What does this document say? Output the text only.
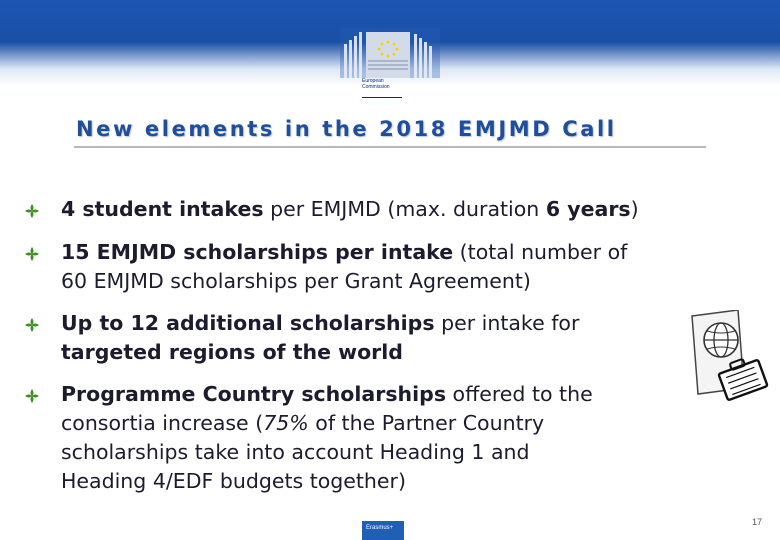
European
Commission
New elements in the 2018 EMJMD Call
4 student intakes per EMJMD (max. duration 6 years)
15 EMJMD scholarships per intake (total number of
60 EMJMD scholarships per Grant Agreement)
Up to 12 additional scholarships per intake for
targeted regions of the world
Programme Country scholarships offered to the
consortia increase (75% of the Partner Country
scholarships take into account Heading 1 and
Heading 4/EDF budgets together)
Erasmus+
17
